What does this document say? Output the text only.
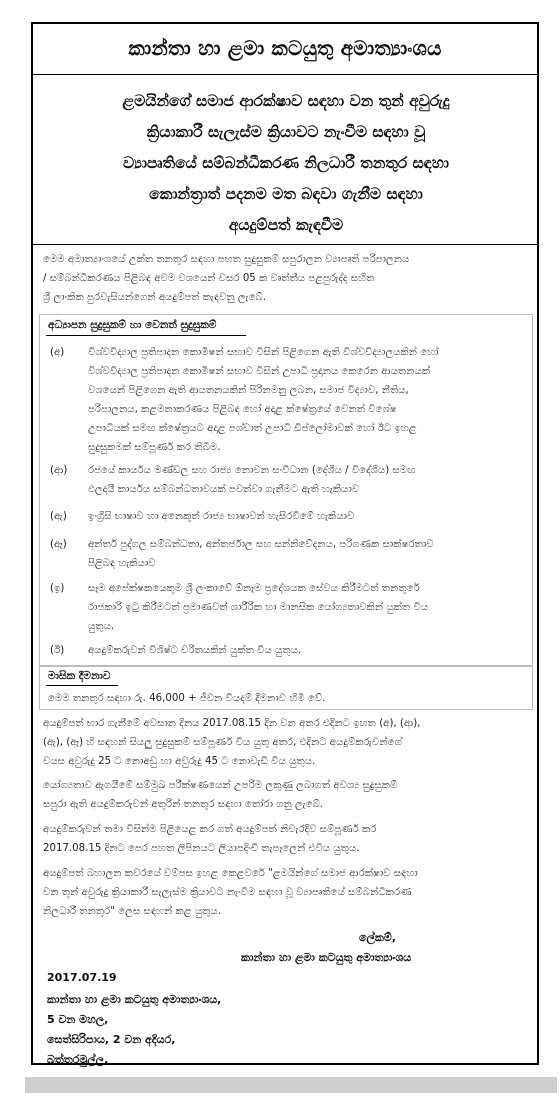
කාන්තා හා ළමා කටයුතු අමාත්‍යාංශය
ළමයින්ගේ සමාජ ආරක්ෂාව සඳහා වන තුන් අවුරුදු
ක්‍රියාකාරී සැලැස්ම ක්‍රියාවට නැංවීම සඳහා වූ
ව්‍යාපෘතියේ සම්බන්ධීකරණ නිලධාරී තනතුර සඳහා
කොන්ත්‍රාත් පදනම මත බඳවා ගැනීම සඳහා
අයදුම්පත් කැඳවීම
මෙම අමාත්‍යාංශයේ උක්ත තනතුර සඳහා පහත සුදුසුකම් සපුරාලන ව්‍යාපෘති පරිපාලනය
/ සම්බන්ධීකරණය පිළිබඳ අවම වශයෙන් වසර 05 ක වෘත්තීය පළපුරුද්ද සහිත
ශ්‍රී ලාංකික පුරවැසියන්ගෙන් අයදුම්පත් කැඳවනු ලැබේ.
අධ්‍යාපන සුදුසුකම් හා වෙනත් සුදුසුකම්
(අ) විශ්වවිද්‍යාල ප්‍රතිපාදන කොමිෂන් සභාව විසින් පිළිගෙන ඇති විශ්වවිද්‍යාලයකින් හෝ
විශ්වවිද්‍යාල ප්‍රතිපාදන කොමිෂන් සභාව විසින් උපාධි ප්‍රදානය කෙරෙන ආයතනයක්
වශයෙන් පිළිගෙන ඇති ආයතනයකින් පිරිනමනු ලබන, සමාජ විද්‍යාව, නීතිය,
පරිපාලනය, කළමනාකරණය පිළිබඳ හෝ අදාළ ක්ෂේත්‍රයේ වෙනත් විශේෂ
උපාධියක් සමඟ ක්ෂේත්‍රයට අදාළ පශ්චාත් උපාධි ඩිප්ලෝමාවක් හෝ ඊට ඉහළ
සුදුසුකමක් සම්පූර්ණ කර තිබීම.
(ආ) රජයේ කාර්යය මණ්ඩල සහ රාජ්‍ය නොවන සංවිධාන (දේශීය / විදේශීය) සමඟ
ඵලදායී කාර්යය සම්බන්ධතාවයක් පවත්වා ගැනීමට ඇති හැකියාව
(ඇ) ඉංග්‍රීසි භාෂාව හා අනෙකුත් රාජ්‍ය භාෂාවන් හැසිරවීමේ හැකියාව
(ඈ) අන්තර් පුද්ගල සම්බන්ධතා, අන්තර්ජාල සහ සන්නිවේදනය, පරිගණක සාක්ෂරතාව
පිළිබඳ හැකියාව
(ඉ) සෑම අපේක්ෂකයෙකුම ශ්‍රී ලංකාවේ ඕනෑම ප්‍රදේශයක සේවය කිරීමටත් තනතුරේ
රාජකාරි ඉටු කිරීමටත් ප්‍රමාණවත් ශාරීරික හා මානසික යෝග්‍යතාවකින් යුක්ත විය
යුතුය.
(ඊ) අයදුම්කරුවන් විශිෂ්ට චරිතයකින් යුක්ත විය යුතුය.
මාසික දීමනාව
මෙම තනතුර සඳහා රු. 46,000 + ජීවන වියදම් දීමනාව හිමි වේ.
අයදුම්පත් භාර ගැනීමේ අවසාන දිනය 2017.08.15 දින වන අතර එදිනට ඉහත (අ), (ආ),
(ඇ), (ඈ) හි සඳහන් සියලු සුදුසුකම් සම්පූර්ණ විය යුතු අතර, එදිනට අයදුම්කරුවන්ගේ
වයස අවුරුදු 25 ට නොඅඩු හා අවුරුදු 45 ට නොවැඩි විය යුතුය.
යෝග්‍යතාව ඇගයීමේ සම්මුඛ පරීක්ෂණයෙන් උපරිම ලකුණු ලබාගත් අවශ්‍ය සුදුසුකම්
සපුරා ඇති අයදුම්කරුවන් අතුරින් තනතුර සඳහා තෝරා ගනු ලැබේ.
අයදුම්කරුවන් තමා විසින්ම පිළියෙළ කර ගත් අයදුම්පත් නිවැරදිව සම්පූර්ණ කර
2017.08.15 දිනට පෙර පහත ලිපිනයට ලියාපදිංචි තැපෑලෙන් එවිය යුතුය.
අයදුම්පත් බහාලන කවරයේ වම්පස ඉහළ කෙළවරේ "ළමයින්ගේ සමාජ ආරක්ෂාව සඳහා
වන තුන් අවුරුදු ක්‍රියාකාරී සැලැස්ම ක්‍රියාවට නැංවීම සඳහා වූ ව්‍යාපෘතියේ සම්බන්ධීකරණ
නිලධාරී තනතුර" ලෙස සඳහන් කළ යුතුය.
ලේකම්,
කාන්තා හා ළමා කටයුතු අමාත්‍යාංශය
2017.07.19
කාන්තා හා ළමා කටයුතු අමාත්‍යාංශය,
5 වන මහල,
සෙත්සිරිපාය, 2 වන අදියර,
බත්තරමුල්ල.
